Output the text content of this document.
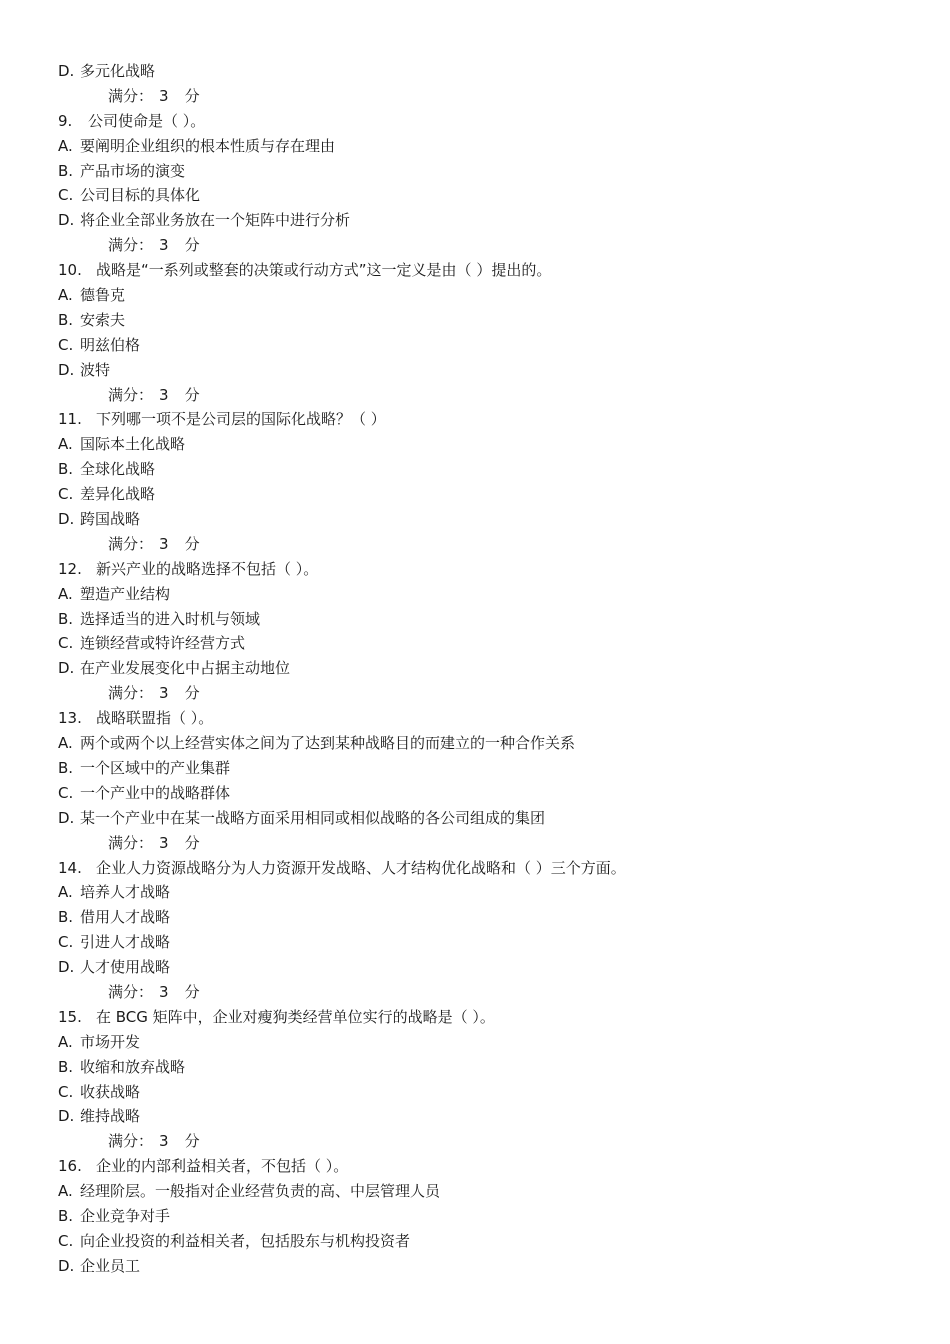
D. 多元化战略
满分： 3 分
9. 公司使命是（ ）。
A. 要阐明企业组织的根本性质与存在理由
B. 产品市场的演变
C. 公司目标的具体化
D. 将企业全部业务放在一个矩阵中进行分析
满分： 3 分
10. 战略是“一系列或整套的决策或行动方式”这一定义是由（ ）提出的。
A. 德鲁克
B. 安索夫
C. 明兹伯格
D. 波特
满分： 3 分
11. 下列哪一项不是公司层的国际化战略？（ ）
A. 国际本土化战略
B. 全球化战略
C. 差异化战略
D. 跨国战略
满分： 3 分
12. 新兴产业的战略选择不包括（ ）。
A. 塑造产业结构
B. 选择适当的进入时机与领域
C. 连锁经营或特许经营方式
D. 在产业发展变化中占据主动地位
满分： 3 分
13. 战略联盟指（ ）。
A. 两个或两个以上经营实体之间为了达到某种战略目的而建立的一种合作关系
B. 一个区域中的产业集群
C. 一个产业中的战略群体
D. 某一个产业中在某一战略方面采用相同或相似战略的各公司组成的集团
满分： 3 分
14. 企业人力资源战略分为人力资源开发战略、人才结构优化战略和（ ）三个方面。
A. 培养人才战略
B. 借用人才战略
C. 引进人才战略
D. 人才使用战略
满分： 3 分
15. 在 BCG 矩阵中，企业对瘦狗类经营单位实行的战略是（ ）。
A. 市场开发
B. 收缩和放弃战略
C. 收获战略
D. 维持战略
满分： 3 分
16. 企业的内部利益相关者，不包括（ ）。
A. 经理阶层。一般指对企业经营负责的高、中层管理人员
B. 企业竞争对手
C. 向企业投资的利益相关者，包括股东与机构投资者
D. 企业员工
